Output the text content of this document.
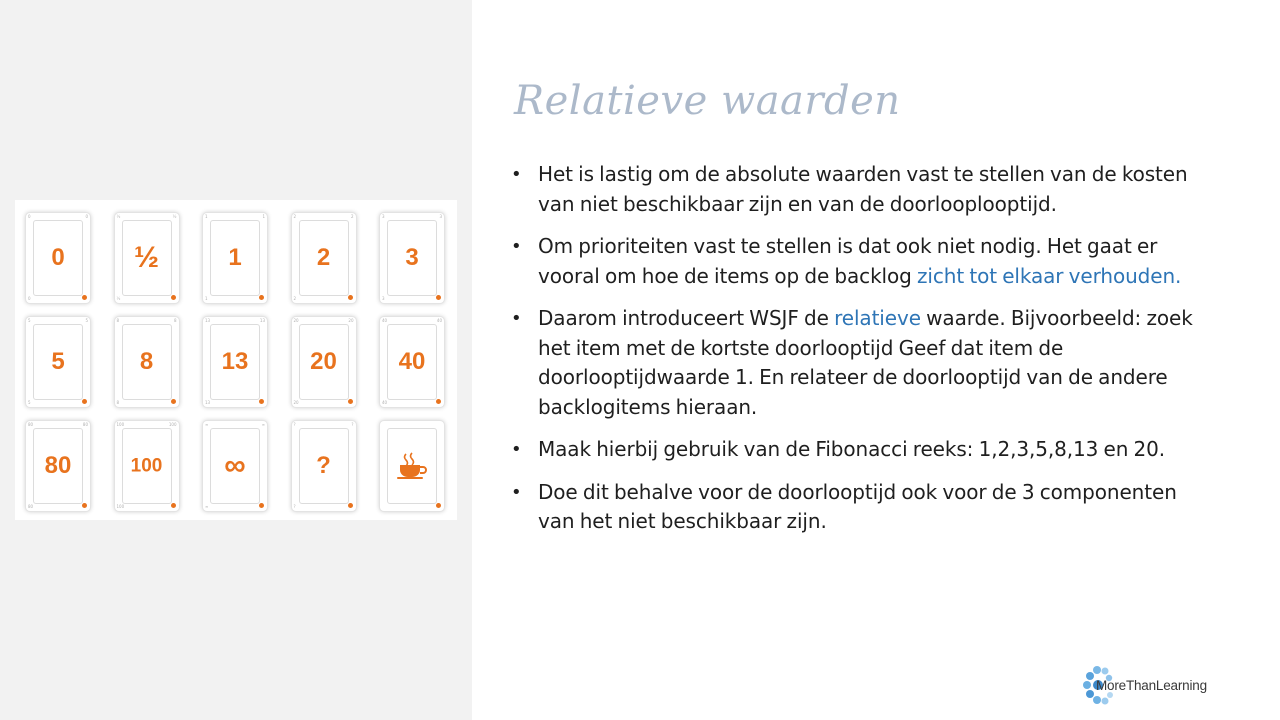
0	0
0
0
½	½
½
½
1	1
1
1
2	2
2
2
3	3
3
3
5	5
5
5
8	8
8
8
13	13
13
13
20	20
20
20
40	40
40
40
80	80
80
80
100	100
100
100
∞	∞
∞
∞
?	?
?
?
Relatieve waarden
• Het is lastig om de absolute waarden vast te stellen van de kosten van niet beschikbaar zijn en van de doorlooplooptijd.
• Om prioriteiten vast te stellen is dat ook niet nodig. Het gaat er vooral om hoe de items op de backlog zicht tot elkaar verhouden.
• Daarom introduceert WSJF de relatieve waarde. Bijvoorbeeld: zoek het item met de kortste doorlooptijd Geef dat item de doorlooptijdwaarde 1. En relateer de doorlooptijd van de andere backlogitems hieraan.
• Maak hierbij gebruik van de Fibonacci reeks: 1,2,3,5,8,13 en 20.
• Doe dit behalve voor de doorlooptijd ook voor de 3 componenten van het niet beschikbaar zijn.
MoreThanLearning
